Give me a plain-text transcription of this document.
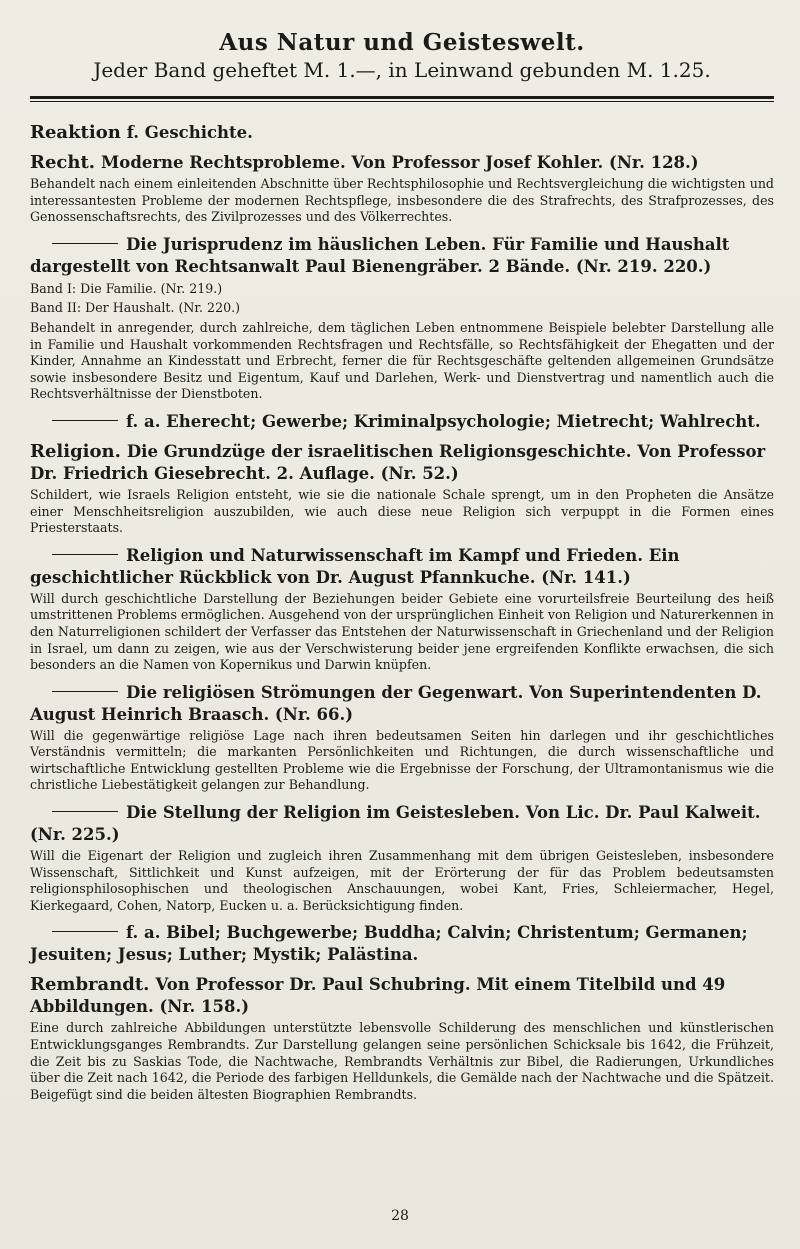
Aus Natur und Geisteswelt.
Jeder Band geheftet M. 1.—, in Leinwand gebunden M. 1.25.

Reaktion f. Geschichte.

Recht. Moderne Rechtsprobleme. Von Professor Josef Kohler. (Nr. 128.)

Behandelt nach einem einleitenden Abschnitte über Rechtsphilosophie und Rechtsvergleichung die wichtigsten und interessantesten Probleme der modernen Rechtspflege, insbesondere die des Strafrechts, des Strafprozesses, des Genossenschaftsrechts, des Zivilprozesses und des Völkerrechtes.

Die Jurisprudenz im häuslichen Leben. Für Familie und Haushalt dargestellt von Rechtsanwalt Paul Bienengräber. 2 Bände. (Nr. 219. 220.)

Band I: Die Familie. (Nr. 219.)
Band II: Der Haushalt. (Nr. 220.)

Behandelt in anregender, durch zahlreiche, dem täglichen Leben entnommene Beispiele belebter Darstellung alle in Familie und Haushalt vorkommenden Rechtsfragen und Rechtsfälle, so Rechtsfähigkeit der Ehegatten und der Kinder, Annahme an Kindesstatt und Erbrecht, ferner die für Rechtsgeschäfte geltenden allgemeinen Grundsätze sowie insbesondere Besitz und Eigentum, Kauf und Darlehen, Werk- und Dienstvertrag und namentlich auch die Rechtsverhältnisse der Dienstboten.

f. a. Eherecht; Gewerbe; Kriminalpsychologie; Mietrecht; Wahlrecht.

Religion. Die Grundzüge der israelitischen Religionsgeschichte. Von Professor Dr. Friedrich Giesebrecht. 2. Auflage. (Nr. 52.)

Schildert, wie Israels Religion entsteht, wie sie die nationale Schale sprengt, um in den Propheten die Ansätze einer Menschheitsreligion auszubilden, wie auch diese neue Religion sich verpuppt in die Formen eines Priesterstaats.

Religion und Naturwissenschaft im Kampf und Frieden. Ein geschichtlicher Rückblick von Dr. August Pfannkuche. (Nr. 141.)

Will durch geschichtliche Darstellung der Beziehungen beider Gebiete eine vorurteilsfreie Beurteilung des heiß umstrittenen Problems ermöglichen. Ausgehend von der ursprünglichen Einheit von Religion und Naturerkennen in den Naturreligionen schildert der Verfasser das Entstehen der Naturwissenschaft in Griechenland und der Religion in Israel, um dann zu zeigen, wie aus der Verschwisterung beider jene ergreifenden Konflikte erwachsen, die sich besonders an die Namen von Kopernikus und Darwin knüpfen.

Die religiösen Strömungen der Gegenwart. Von Superintendenten D. August Heinrich Braasch. (Nr. 66.)

Will die gegenwärtige religiöse Lage nach ihren bedeutsamen Seiten hin darlegen und ihr geschichtliches Verständnis vermitteln; die markanten Persönlichkeiten und Richtungen, die durch wissenschaftliche und wirtschaftliche Entwicklung gestellten Probleme wie die Ergebnisse der Forschung, der Ultramontanismus wie die christliche Liebestätigkeit gelangen zur Behandlung.

Die Stellung der Religion im Geistesleben. Von Lic. Dr. Paul Kalweit. (Nr. 225.)

Will die Eigenart der Religion und zugleich ihren Zusammenhang mit dem übrigen Geistesleben, insbesondere Wissenschaft, Sittlichkeit und Kunst aufzeigen, mit der Erörterung der für das Problem bedeutsamsten religionsphilosophischen und theologischen Anschauungen, wobei Kant, Fries, Schleiermacher, Hegel, Kierkegaard, Cohen, Natorp, Eucken u. a. Berücksichtigung finden.

f. a. Bibel; Buchgewerbe; Buddha; Calvin; Christentum; Germanen; Jesuiten; Jesus; Luther; Mystik; Palästina.

Rembrandt. Von Professor Dr. Paul Schubring. Mit einem Titelbild und 49 Abbildungen. (Nr. 158.)

Eine durch zahlreiche Abbildungen unterstützte lebensvolle Schilderung des menschlichen und künstlerischen Entwicklungsganges Rembrandts. Zur Darstellung gelangen seine persönlichen Schicksale bis 1642, die Frühzeit, die Zeit bis zu Saskias Tode, die Nachtwache, Rembrandts Verhältnis zur Bibel, die Radierungen, Urkundliches über die Zeit nach 1642, die Periode des farbigen Helldunkels, die Gemälde nach der Nachtwache und die Spätzeit. Beigefügt sind die beiden ältesten Biographien Rembrandts.

28
